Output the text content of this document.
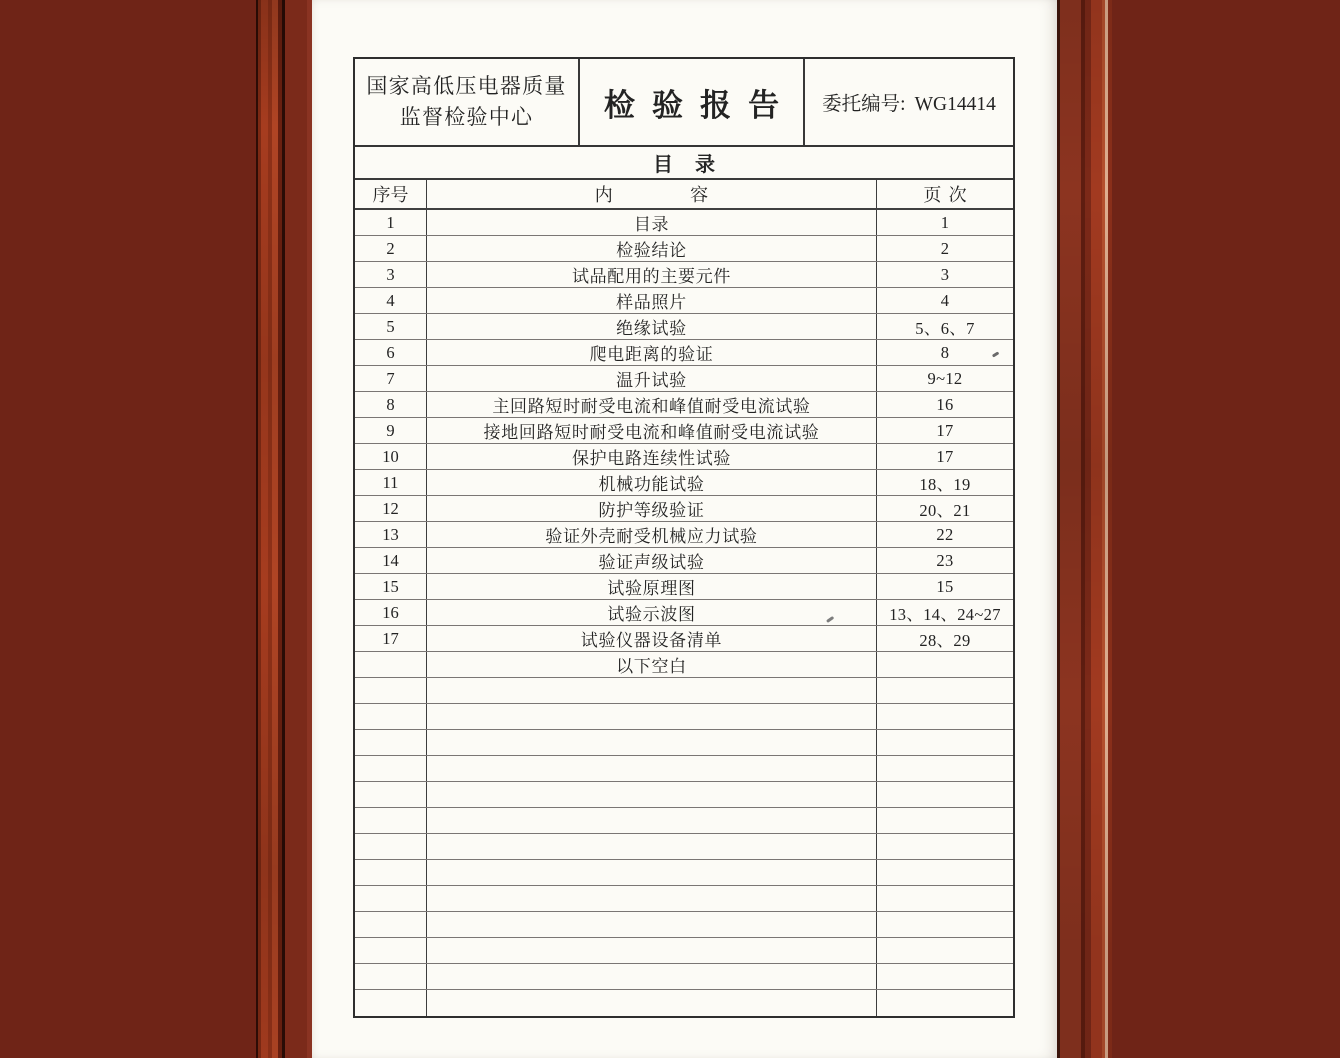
国家高低压电器质量
监督检验中心	检验报告 委托编号: WG14414
目录
序号	内容	页次
1	目录	1
2	检验结论	2
3	试品配用的主要元件	3
4	样品照片	4
5	绝缘试验	5、6、7
6	爬电距离的验证	8
7	温升试验	9~12
8	主回路短时耐受电流和峰值耐受电流试验	16
9	接地回路短时耐受电流和峰值耐受电流试验	17
10	保护电路连续性试验	17
11	机械功能试验	18、19
12	防护等级验证	20、21
13	验证外壳耐受机械应力试验	22
14	验证声级试验	23
15	试验原理图	15
16	试验示波图	13、14、24~27
17	试验仪器设备清单	28、29
以下空白
